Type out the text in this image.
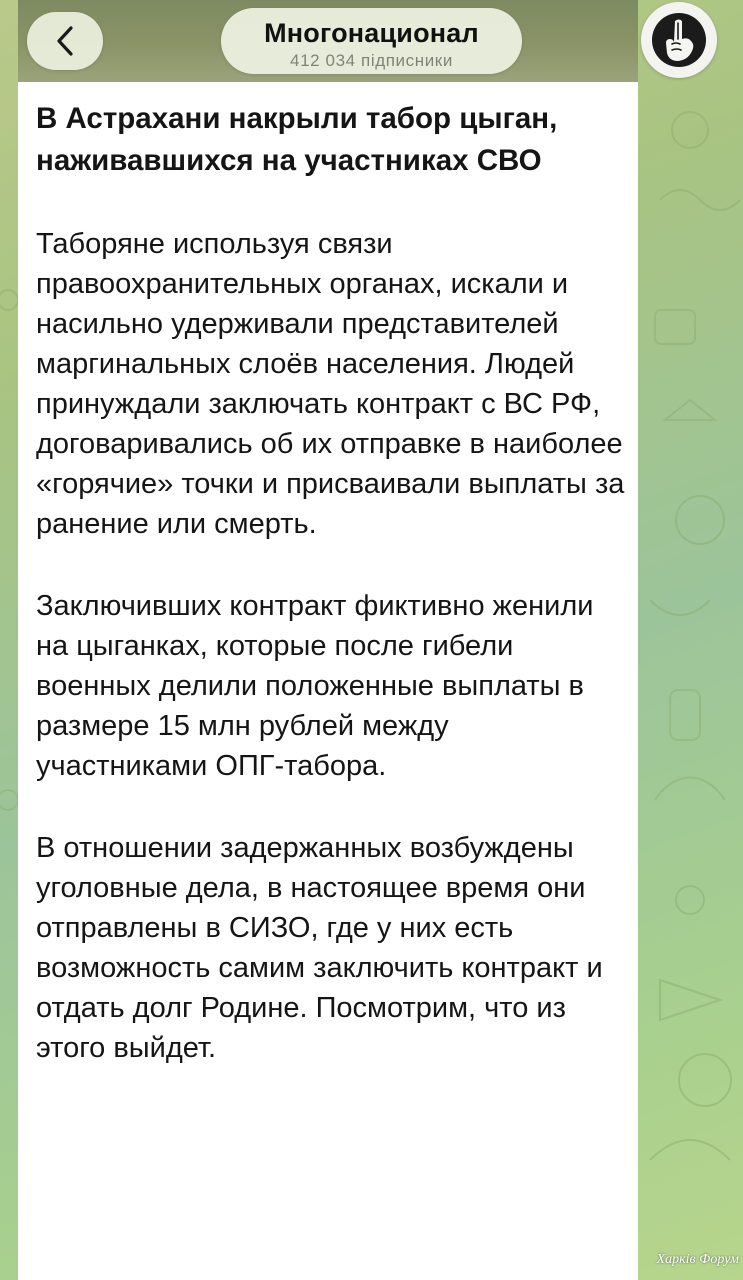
Многонационал
412 034 підписники

В Астрахани накрыли табор цыган, наживавшихся на участниках СВО

Таборяне используя связи правоохранительных органах, искали и насильно удерживали представителей маргинальных слоёв населения. Людей принуждали заключать контракт с ВС РФ, договаривались об их отправке в наиболее «горячие» точки и присваивали выплаты за ранение или смерть.

Заключивших контракт фиктивно женили на цыганках, которые после гибели военных делили положенные выплаты в размере 15 млн рублей между участниками ОПГ-табора.

В отношении задержанных возбуждены уголовные дела, в настоящее время они отправлены в СИЗО, где у них есть возможность самим заключить контракт и отдать долг Родине. Посмотрим, что из этого выйдет.

Харків Форум
